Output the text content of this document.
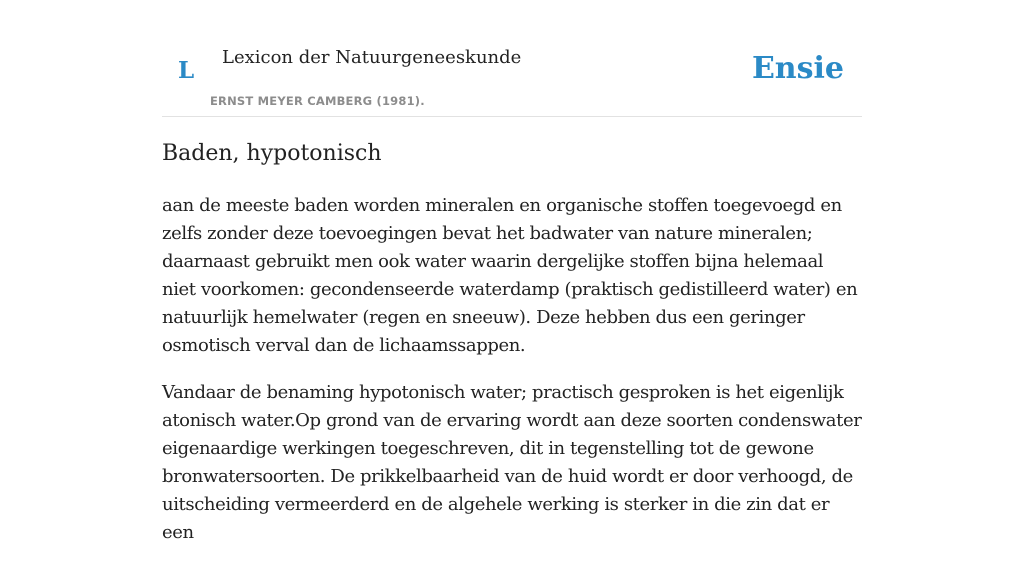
L Lexicon der Natuurgeneeskunde
ERNST MEYER CAMBERG (1981).
Ensie
Baden, hypotonisch

aan de meeste baden worden mineralen en organische stoffen toegevoegd en zelfs zonder deze toevoegingen bevat het badwater van nature mineralen; daarnaast gebruikt men ook water waarin dergelijke stoffen bijna helemaal niet voorkomen: gecondenseerde waterdamp (praktisch gedistilleerd water) en natuurlijk hemelwater (regen en sneeuw). Deze hebben dus een geringer osmotisch verval dan de lichaamssappen.

Vandaar de benaming hypotonisch water; practisch gesproken is het eigenlijk atonisch water.Op grond van de ervaring wordt aan deze soorten condenswater eigenaardige werkingen toegeschreven, dit in tegenstelling tot de gewone bronwatersoorten. De prikkelbaarheid van de huid wordt er door verhoogd, de uitscheiding vermeerderd en de algehele werking is sterker in die zin dat er een
